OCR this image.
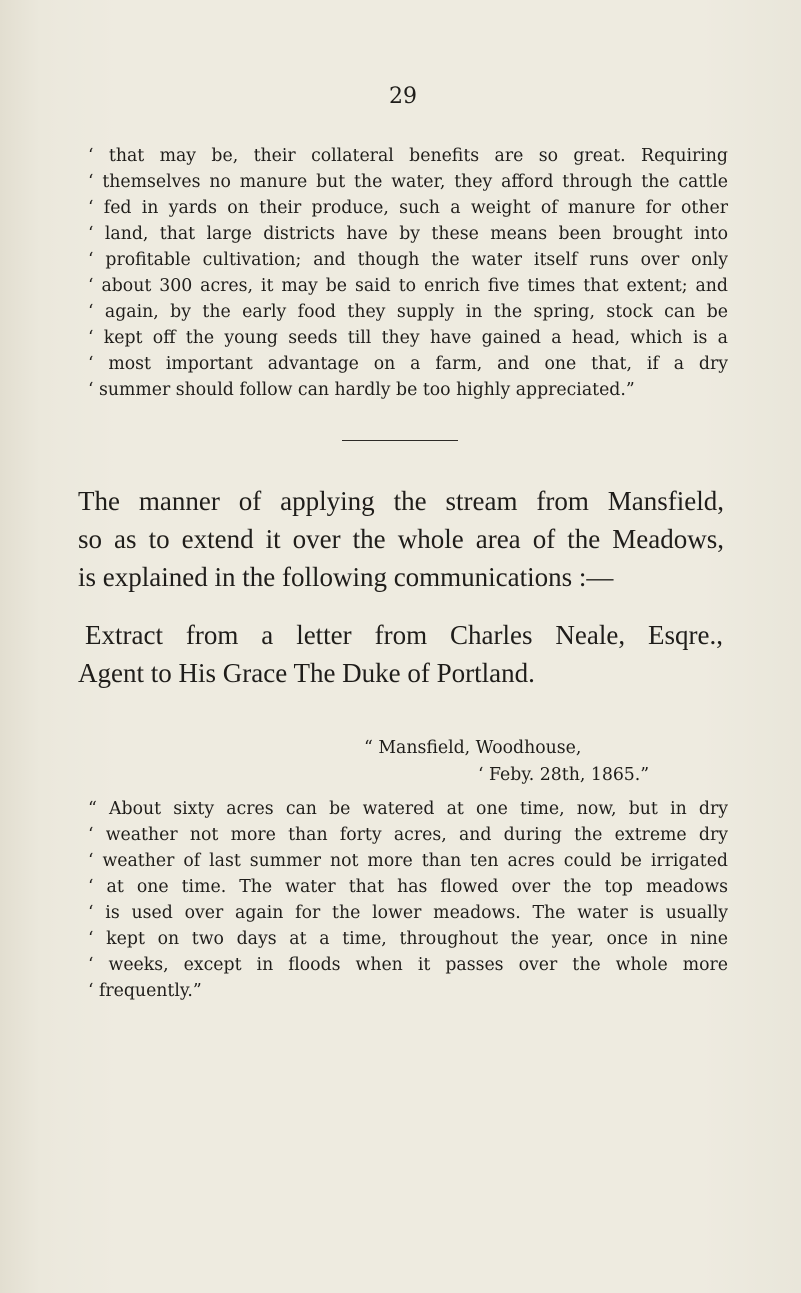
29
‘ that may be, their collateral benefits are so great. Requiring
‘ themselves no manure but the water, they afford through the cattle
‘ fed in yards on their produce, such a weight of manure for other
‘ land, that large districts have by these means been brought into
‘ profitable cultivation; and though the water itself runs over only
‘ about 300 acres, it may be said to enrich five times that extent; and
‘ again, by the early food they supply in the spring, stock can be
‘ kept off the young seeds till they have gained a head, which is a
‘ most important advantage on a farm, and one that, if a dry
‘ summer should follow can hardly be too highly appreciated.”
The manner of applying the stream from Mansfield,
so as to extend it over the whole area of the Meadows,
is explained in the following communications :—
Extract from a letter from Charles Neale, Esqre.,
Agent to His Grace The Duke of Portland.
“ Mansfield, Woodhouse,
‘ Feby. 28th, 1865.”
“ About sixty acres can be watered at one time, now, but in dry
‘ weather not more than forty acres, and during the extreme dry
‘ weather of last summer not more than ten acres could be irrigated
‘ at one time. The water that has flowed over the top meadows
‘ is used over again for the lower meadows. The water is usually
‘ kept on two days at a time, throughout the year, once in nine
‘ weeks, except in floods when it passes over the whole more
‘ frequently.”
